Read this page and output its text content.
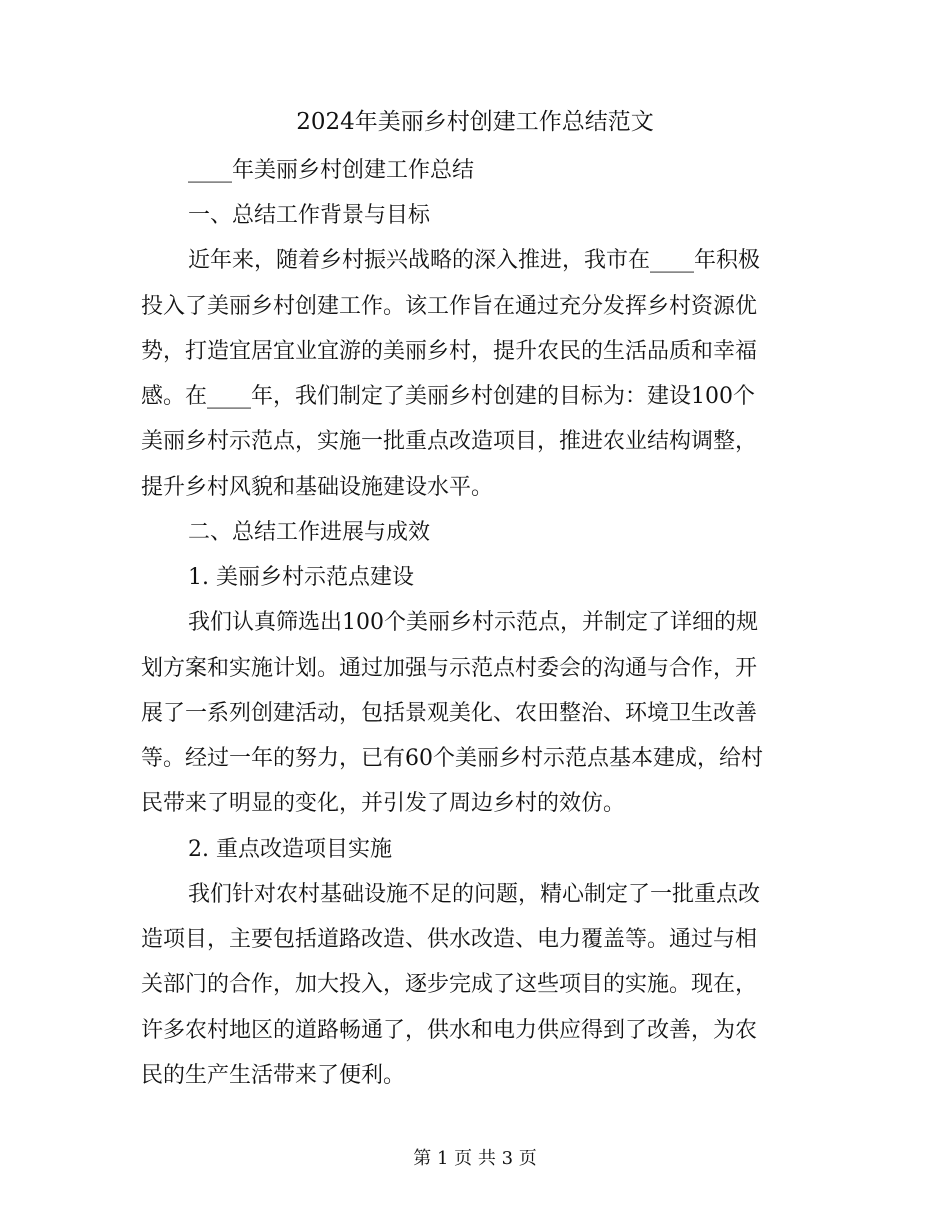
2024年美丽乡村创建工作总结范文
____年美丽乡村创建工作总结
一、总结工作背景与目标
近年来，随着乡村振兴战略的深入推进，我市在____年积极
投入了美丽乡村创建工作。该工作旨在通过充分发挥乡村资源优
势，打造宜居宜业宜游的美丽乡村，提升农民的生活品质和幸福
感。在____年，我们制定了美丽乡村创建的目标为：建设100个
美丽乡村示范点，实施一批重点改造项目，推进农业结构调整，
提升乡村风貌和基础设施建设水平。
二、总结工作进展与成效
1. 美丽乡村示范点建设
我们认真筛选出100个美丽乡村示范点，并制定了详细的规
划方案和实施计划。通过加强与示范点村委会的沟通与合作，开
展了一系列创建活动，包括景观美化、农田整治、环境卫生改善
等。经过一年的努力，已有60个美丽乡村示范点基本建成，给村
民带来了明显的变化，并引发了周边乡村的效仿。
2. 重点改造项目实施
我们针对农村基础设施不足的问题，精心制定了一批重点改
造项目，主要包括道路改造、供水改造、电力覆盖等。通过与相
关部门的合作，加大投入，逐步完成了这些项目的实施。现在，
许多农村地区的道路畅通了，供水和电力供应得到了改善，为农
民的生产生活带来了便利。
第 1 页 共 3 页
